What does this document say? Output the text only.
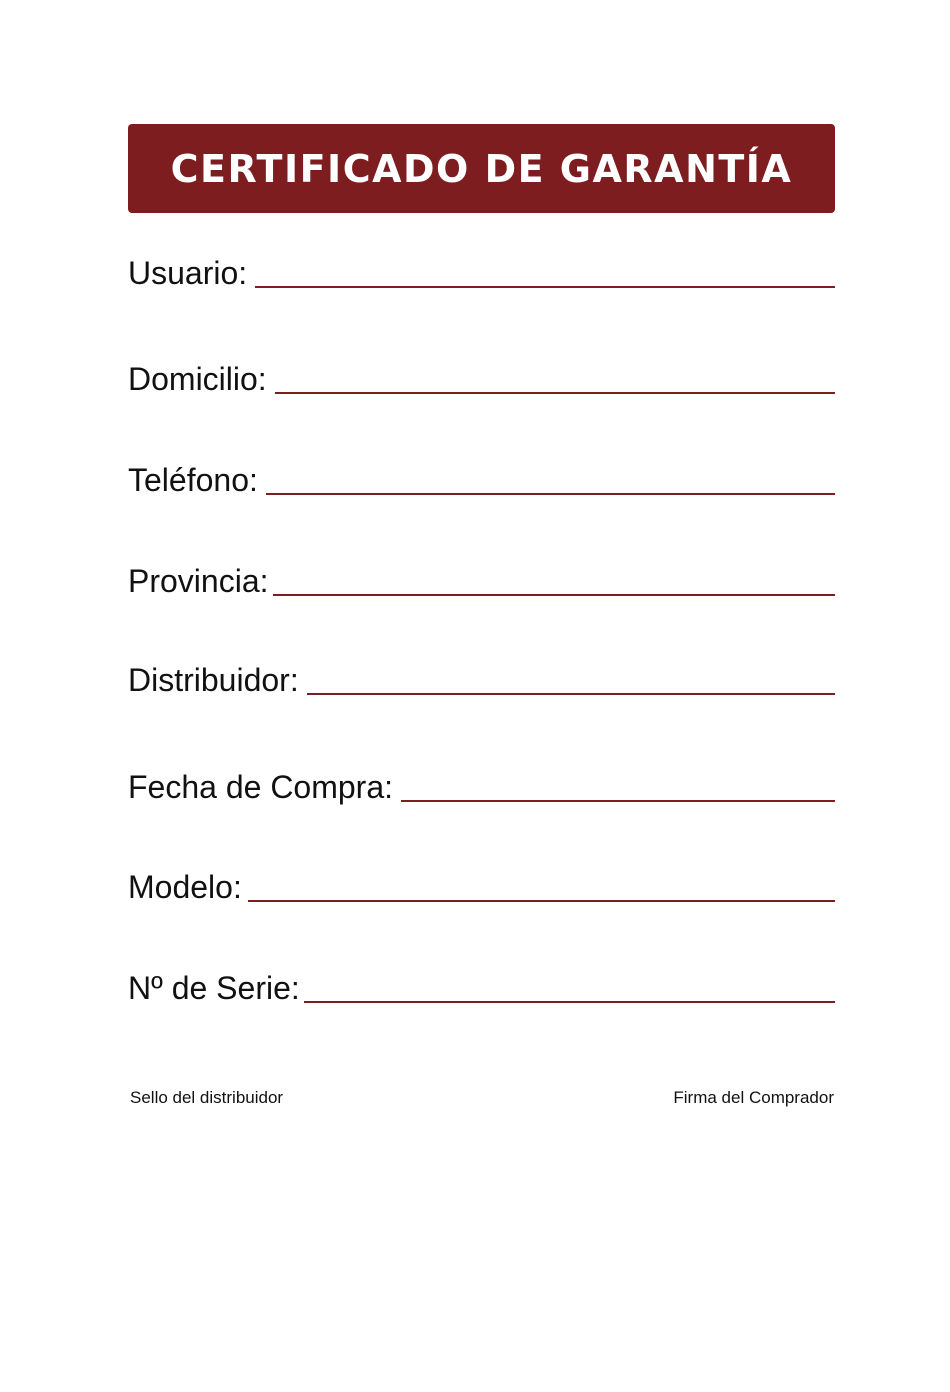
CERTIFICADO DE GARANTÍA
Usuario:
Domicilio:
Teléfono:
Provincia:
Distribuidor:
Fecha de Compra:
Modelo:
Nº de Serie:
Sello del distribuidor	Firma del Comprador
